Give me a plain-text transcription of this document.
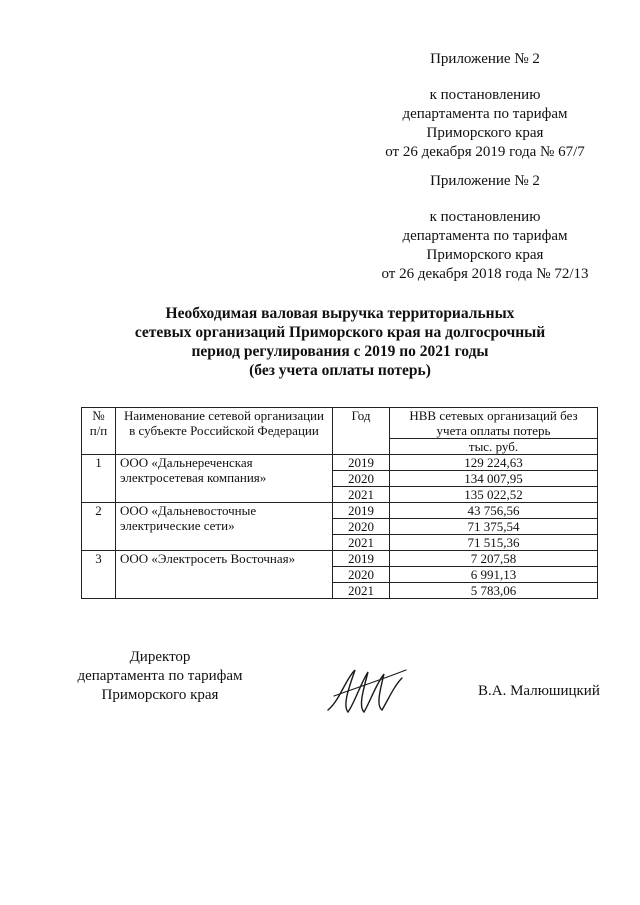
Приложение № 2
к постановлению
департамента по тарифам
Приморского края
от 26 декабря 2019 года № 67/7
Приложение № 2
к постановлению
департамента по тарифам
Приморского края
от 26 декабря 2018 года № 72/13
Необходимая валовая выручка территориальных
сетевых организаций Приморского края на долгосрочный
период регулирования с 2019 по 2021 годы
(без учета оплаты потерь)
№ п/п	Наименование сетевой организации в субъекте Российской Федерации	Год	НВВ сетевых организаций без учета оплаты потерь
			тыс. руб.
1	ООО «Дальнереченская электросетевая компания»	2019	129 224,63
		2020	134 007,95
		2021	135 022,52
2	ООО «Дальневосточные электрические сети»	2019	43 756,56
		2020	71 375,54
		2021	71 515,36
3	ООО «Электросеть Восточная»	2019	7 207,58
		2020	6 991,13
		2021	5 783,06
Директор
департамента по тарифам
Приморского края	В.А. Малюшицкий
